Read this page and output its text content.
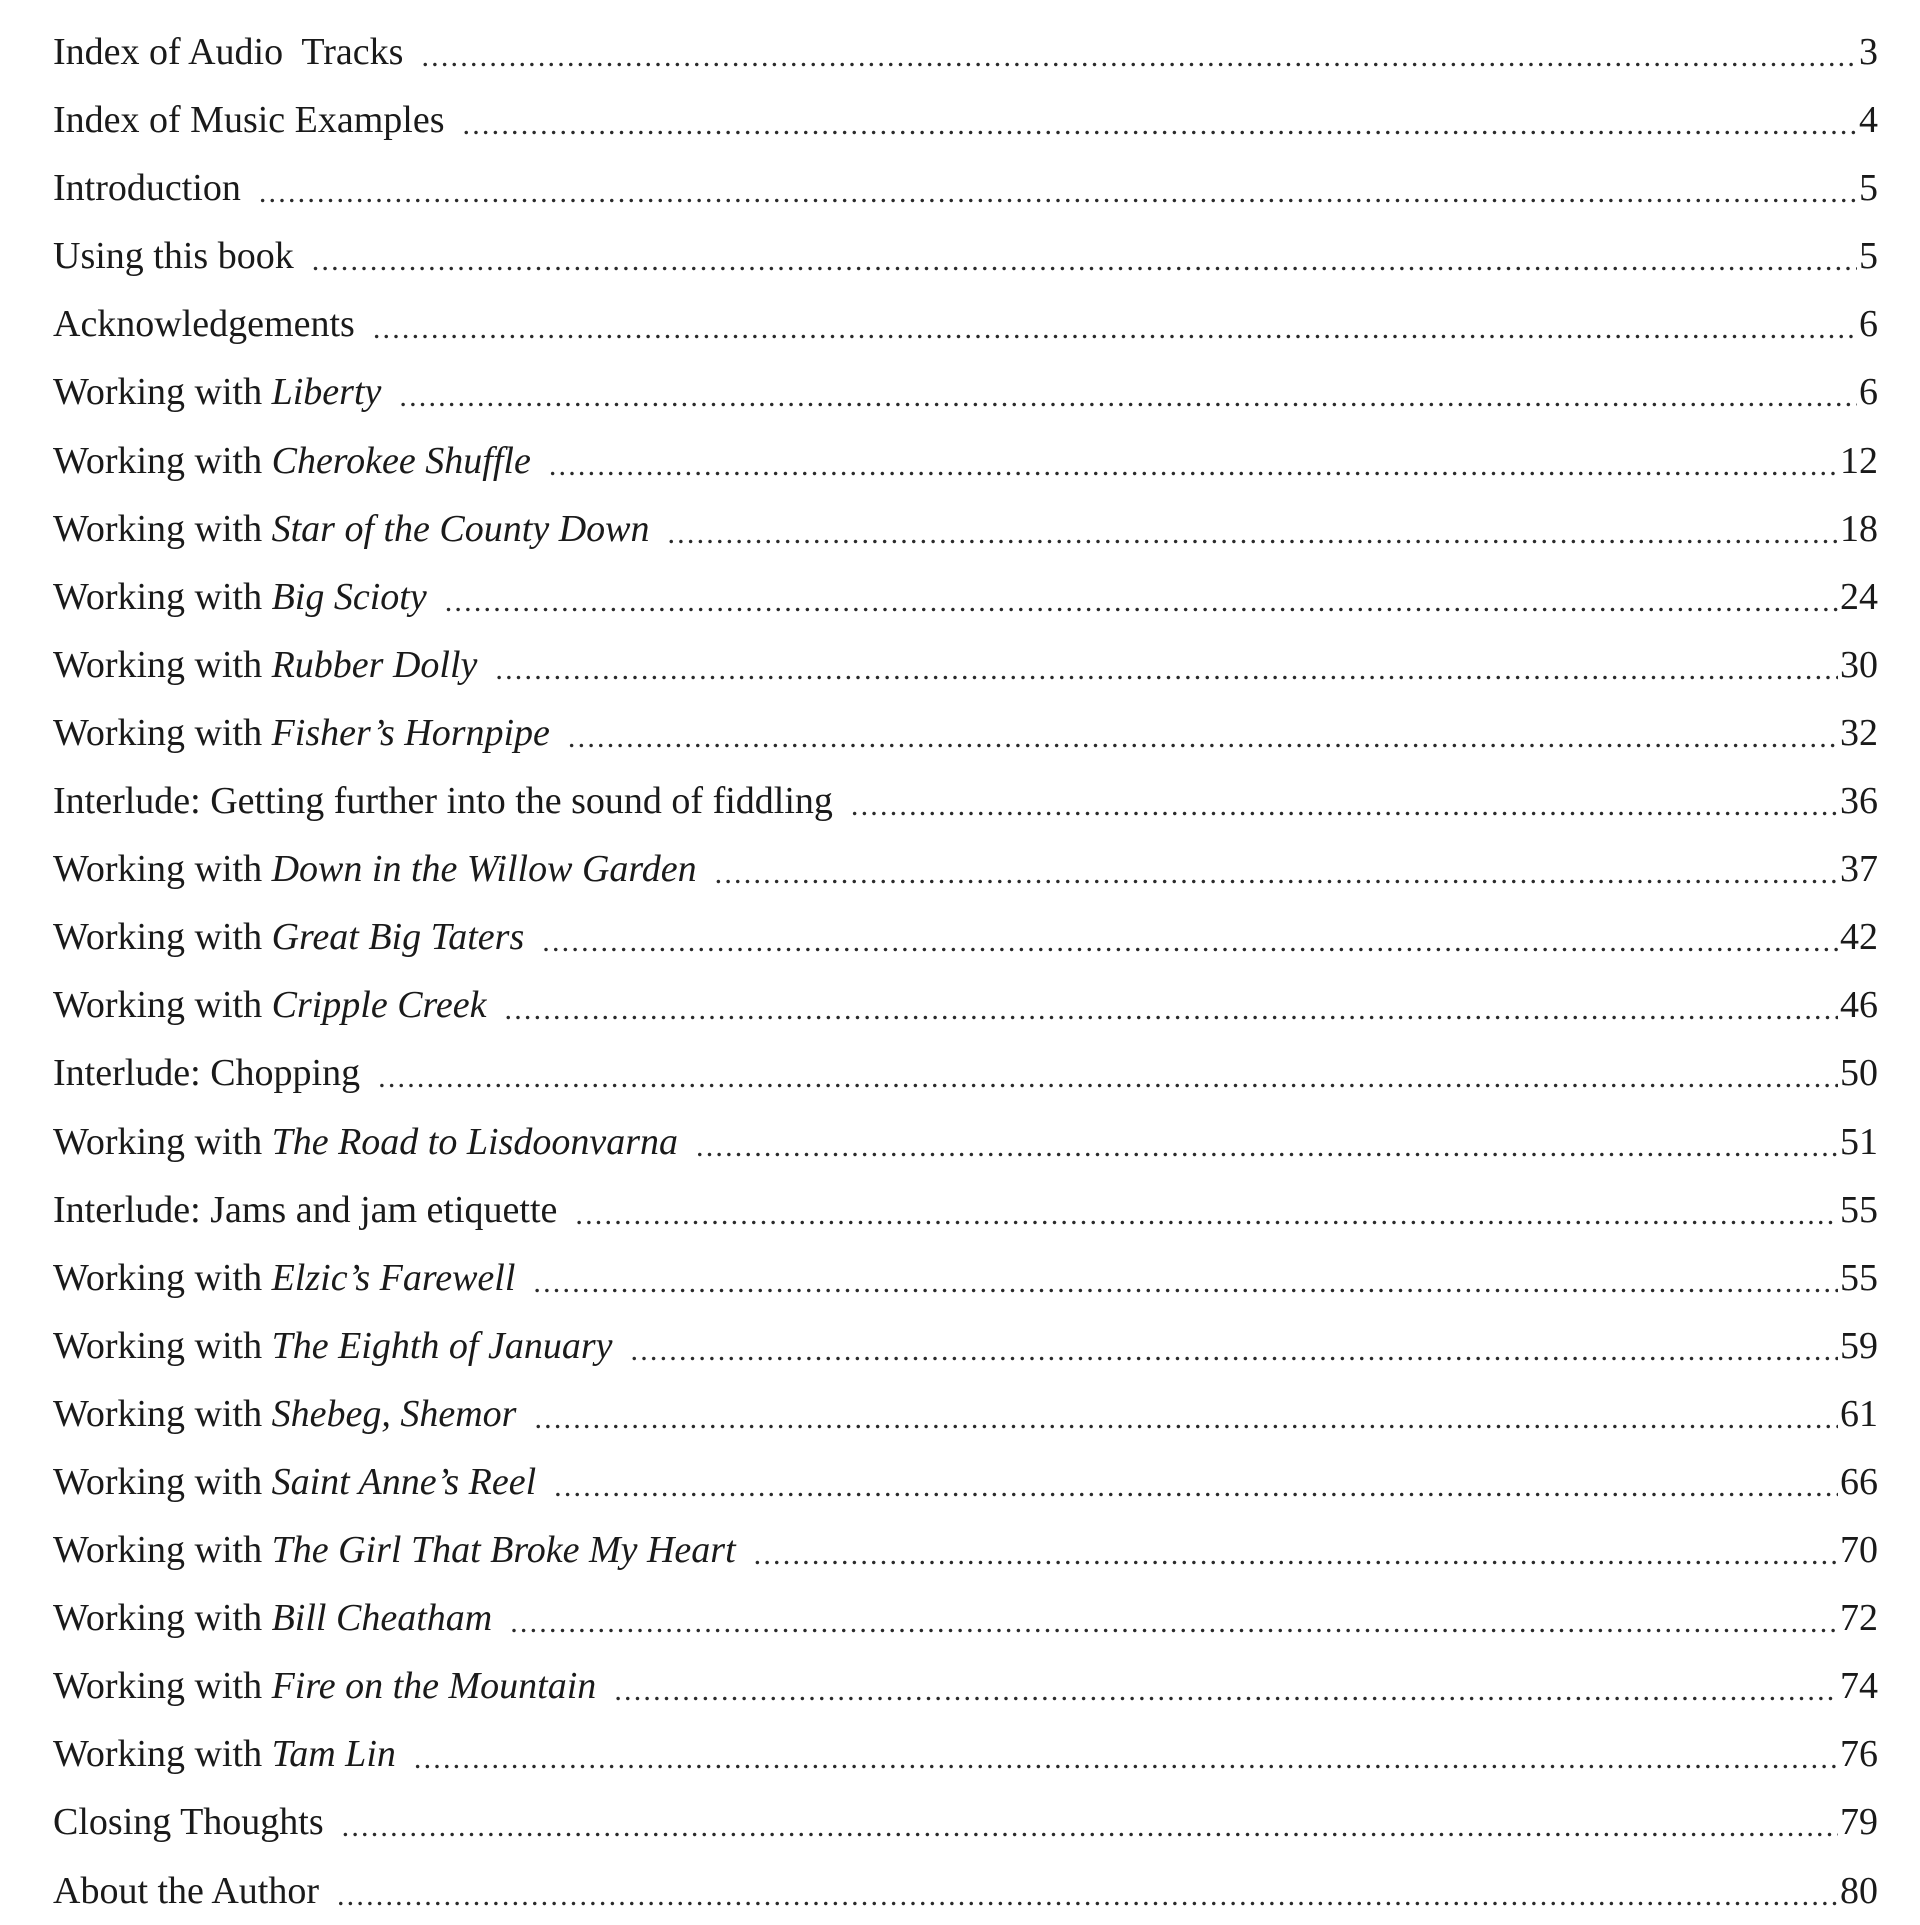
Index of Audio  Tracks .....	3
Index of Music Examples .....	4
Introduction .....	5
Using this book .....	5
Acknowledgements .....	6
Working with Liberty .....	6
Working with Cherokee Shuffle .....	12
Working with Star of the County Down .....	18
Working with Big Scioty .....	24
Working with Rubber Dolly .....	30
Working with Fisher’s Hornpipe .....	32
Interlude: Getting further into the sound of fiddling .....	36
Working with Down in the Willow Garden .....	37
Working with Great Big Taters .....	42
Working with Cripple Creek .....	46
Interlude: Chopping .....	50
Working with The Road to Lisdoonvarna .....	51
Interlude: Jams and jam etiquette .....	55
Working with Elzic’s Farewell .....	55
Working with The Eighth of January .....	59
Working with Shebeg, Shemor .....	61
Working with Saint Anne’s Reel .....	66
Working with The Girl That Broke My Heart .....	70
Working with Bill Cheatham .....	72
Working with Fire on the Mountain .....	74
Working with Tam Lin .....	76
Closing Thoughts .....	79
About the Author .....	80
